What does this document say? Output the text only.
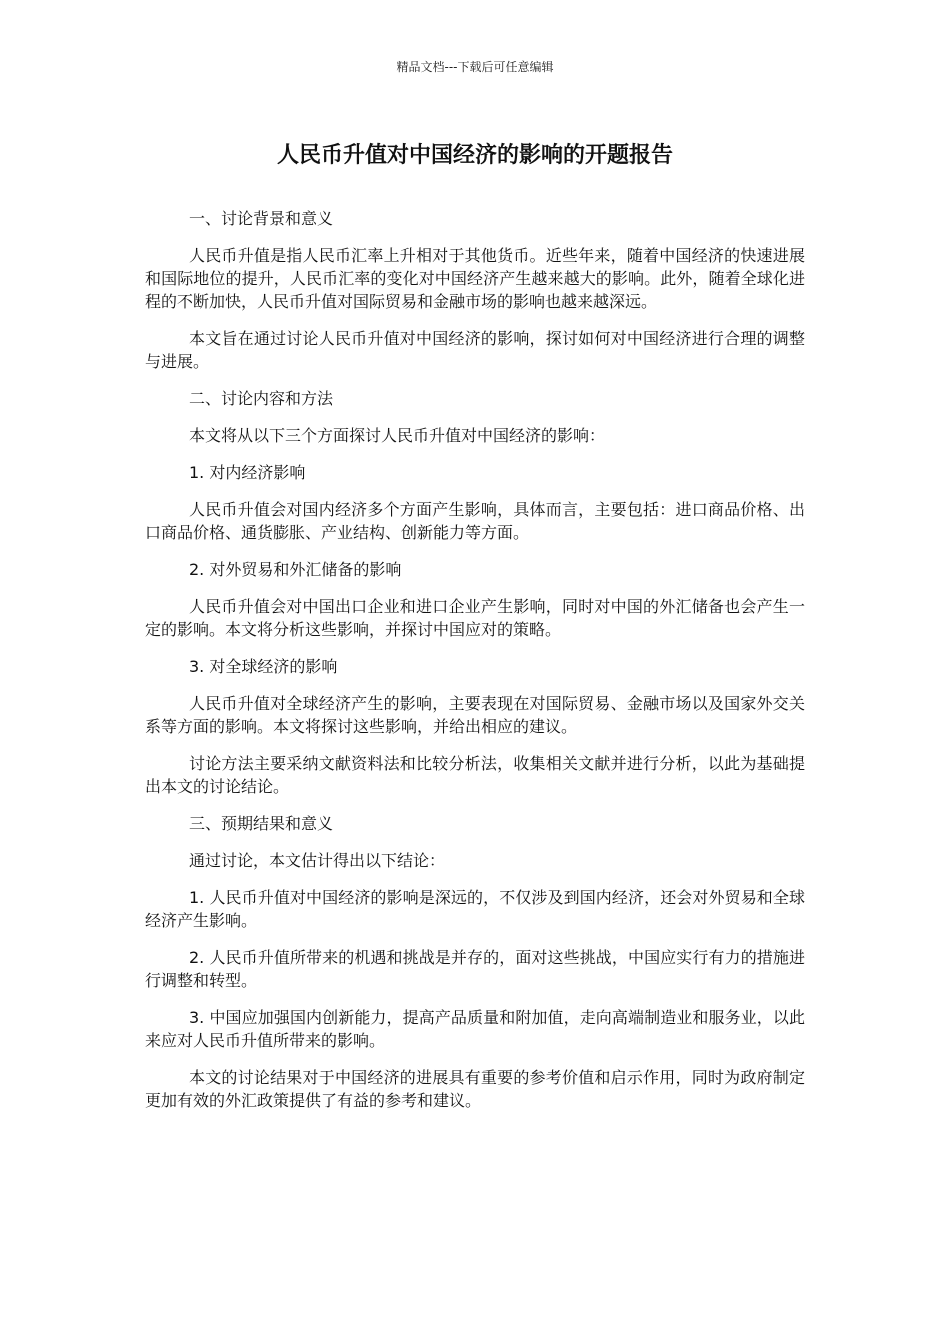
精品文档---下载后可任意编辑
人民币升值对中国经济的影响的开题报告

一、讨论背景和意义

人民币升值是指人民币汇率上升相对于其他货币。近些年来，随着中国经济的快速进展和国际地位的提升，人民币汇率的变化对中国经济产生越来越大的影响。此外，随着全球化进程的不断加快，人民币升值对国际贸易和金融市场的影响也越来越深远。

本文旨在通过讨论人民币升值对中国经济的影响，探讨如何对中国经济进行合理的调整与进展。

二、讨论内容和方法

本文将从以下三个方面探讨人民币升值对中国经济的影响：

1. 对内经济影响

人民币升值会对国内经济多个方面产生影响，具体而言，主要包括：进口商品价格、出口商品价格、通货膨胀、产业结构、创新能力等方面。

2. 对外贸易和外汇储备的影响

人民币升值会对中国出口企业和进口企业产生影响，同时对中国的外汇储备也会产生一定的影响。本文将分析这些影响，并探讨中国应对的策略。

3. 对全球经济的影响

人民币升值对全球经济产生的影响，主要表现在对国际贸易、金融市场以及国家外交关系等方面的影响。本文将探讨这些影响，并给出相应的建议。

讨论方法主要采纳文献资料法和比较分析法，收集相关文献并进行分析，以此为基础提出本文的讨论结论。

三、预期结果和意义

通过讨论，本文估计得出以下结论：

1. 人民币升值对中国经济的影响是深远的，不仅涉及到国内经济，还会对外贸易和全球经济产生影响。

2. 人民币升值所带来的机遇和挑战是并存的，面对这些挑战，中国应实行有力的措施进行调整和转型。

3. 中国应加强国内创新能力，提高产品质量和附加值，走向高端制造业和服务业，以此来应对人民币升值所带来的影响。

本文的讨论结果对于中国经济的进展具有重要的参考价值和启示作用，同时为政府制定更加有效的外汇政策提供了有益的参考和建议。
